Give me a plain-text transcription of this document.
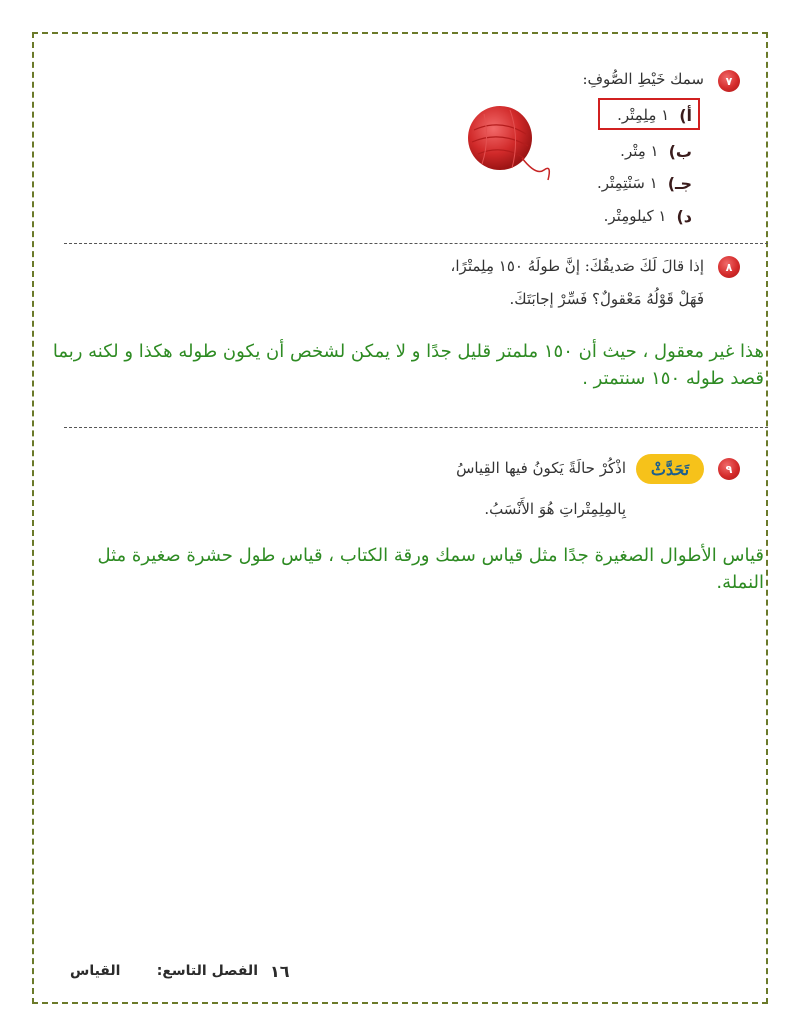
٧
سمك خَيْطِ الصُّوفِ:
أ)
١ مِلِمِتْر.
ب)
١ مِتْر.
جـ)
١ سَنْتِمِتْر.
د)
١ كيلومِتْر.
٨
إذا قالَ لَكَ صَديقُكَ: إنَّ طولَهُ ١٥٠ مِلِمتْرًا،
فَهَلْ قَوْلُهُ مَعْقولٌ؟ فَسِّرْ إجابَتَكَ.
هذا غير معقول ، حيث أن ١٥٠ ملمتر قليل جدًا و لا يمكن لشخص أن يكون طوله هكذا و لكنه ربما قصد طوله ١٥٠ سنتمتر .
٩
تَحَدَّثْ
اذْكُرْ حالَةً يَكونُ فيها القِياسُ
بِالمِلِمِتْراتِ هُوَ الأَنْسَبُ.
قياس الأطوال الصغيرة جدًا مثل قياس سمك ورقة الكتاب ، قياس طول حشرة صغيرة مثل النملة.
١٦
الفصل التاسع:
القياس
